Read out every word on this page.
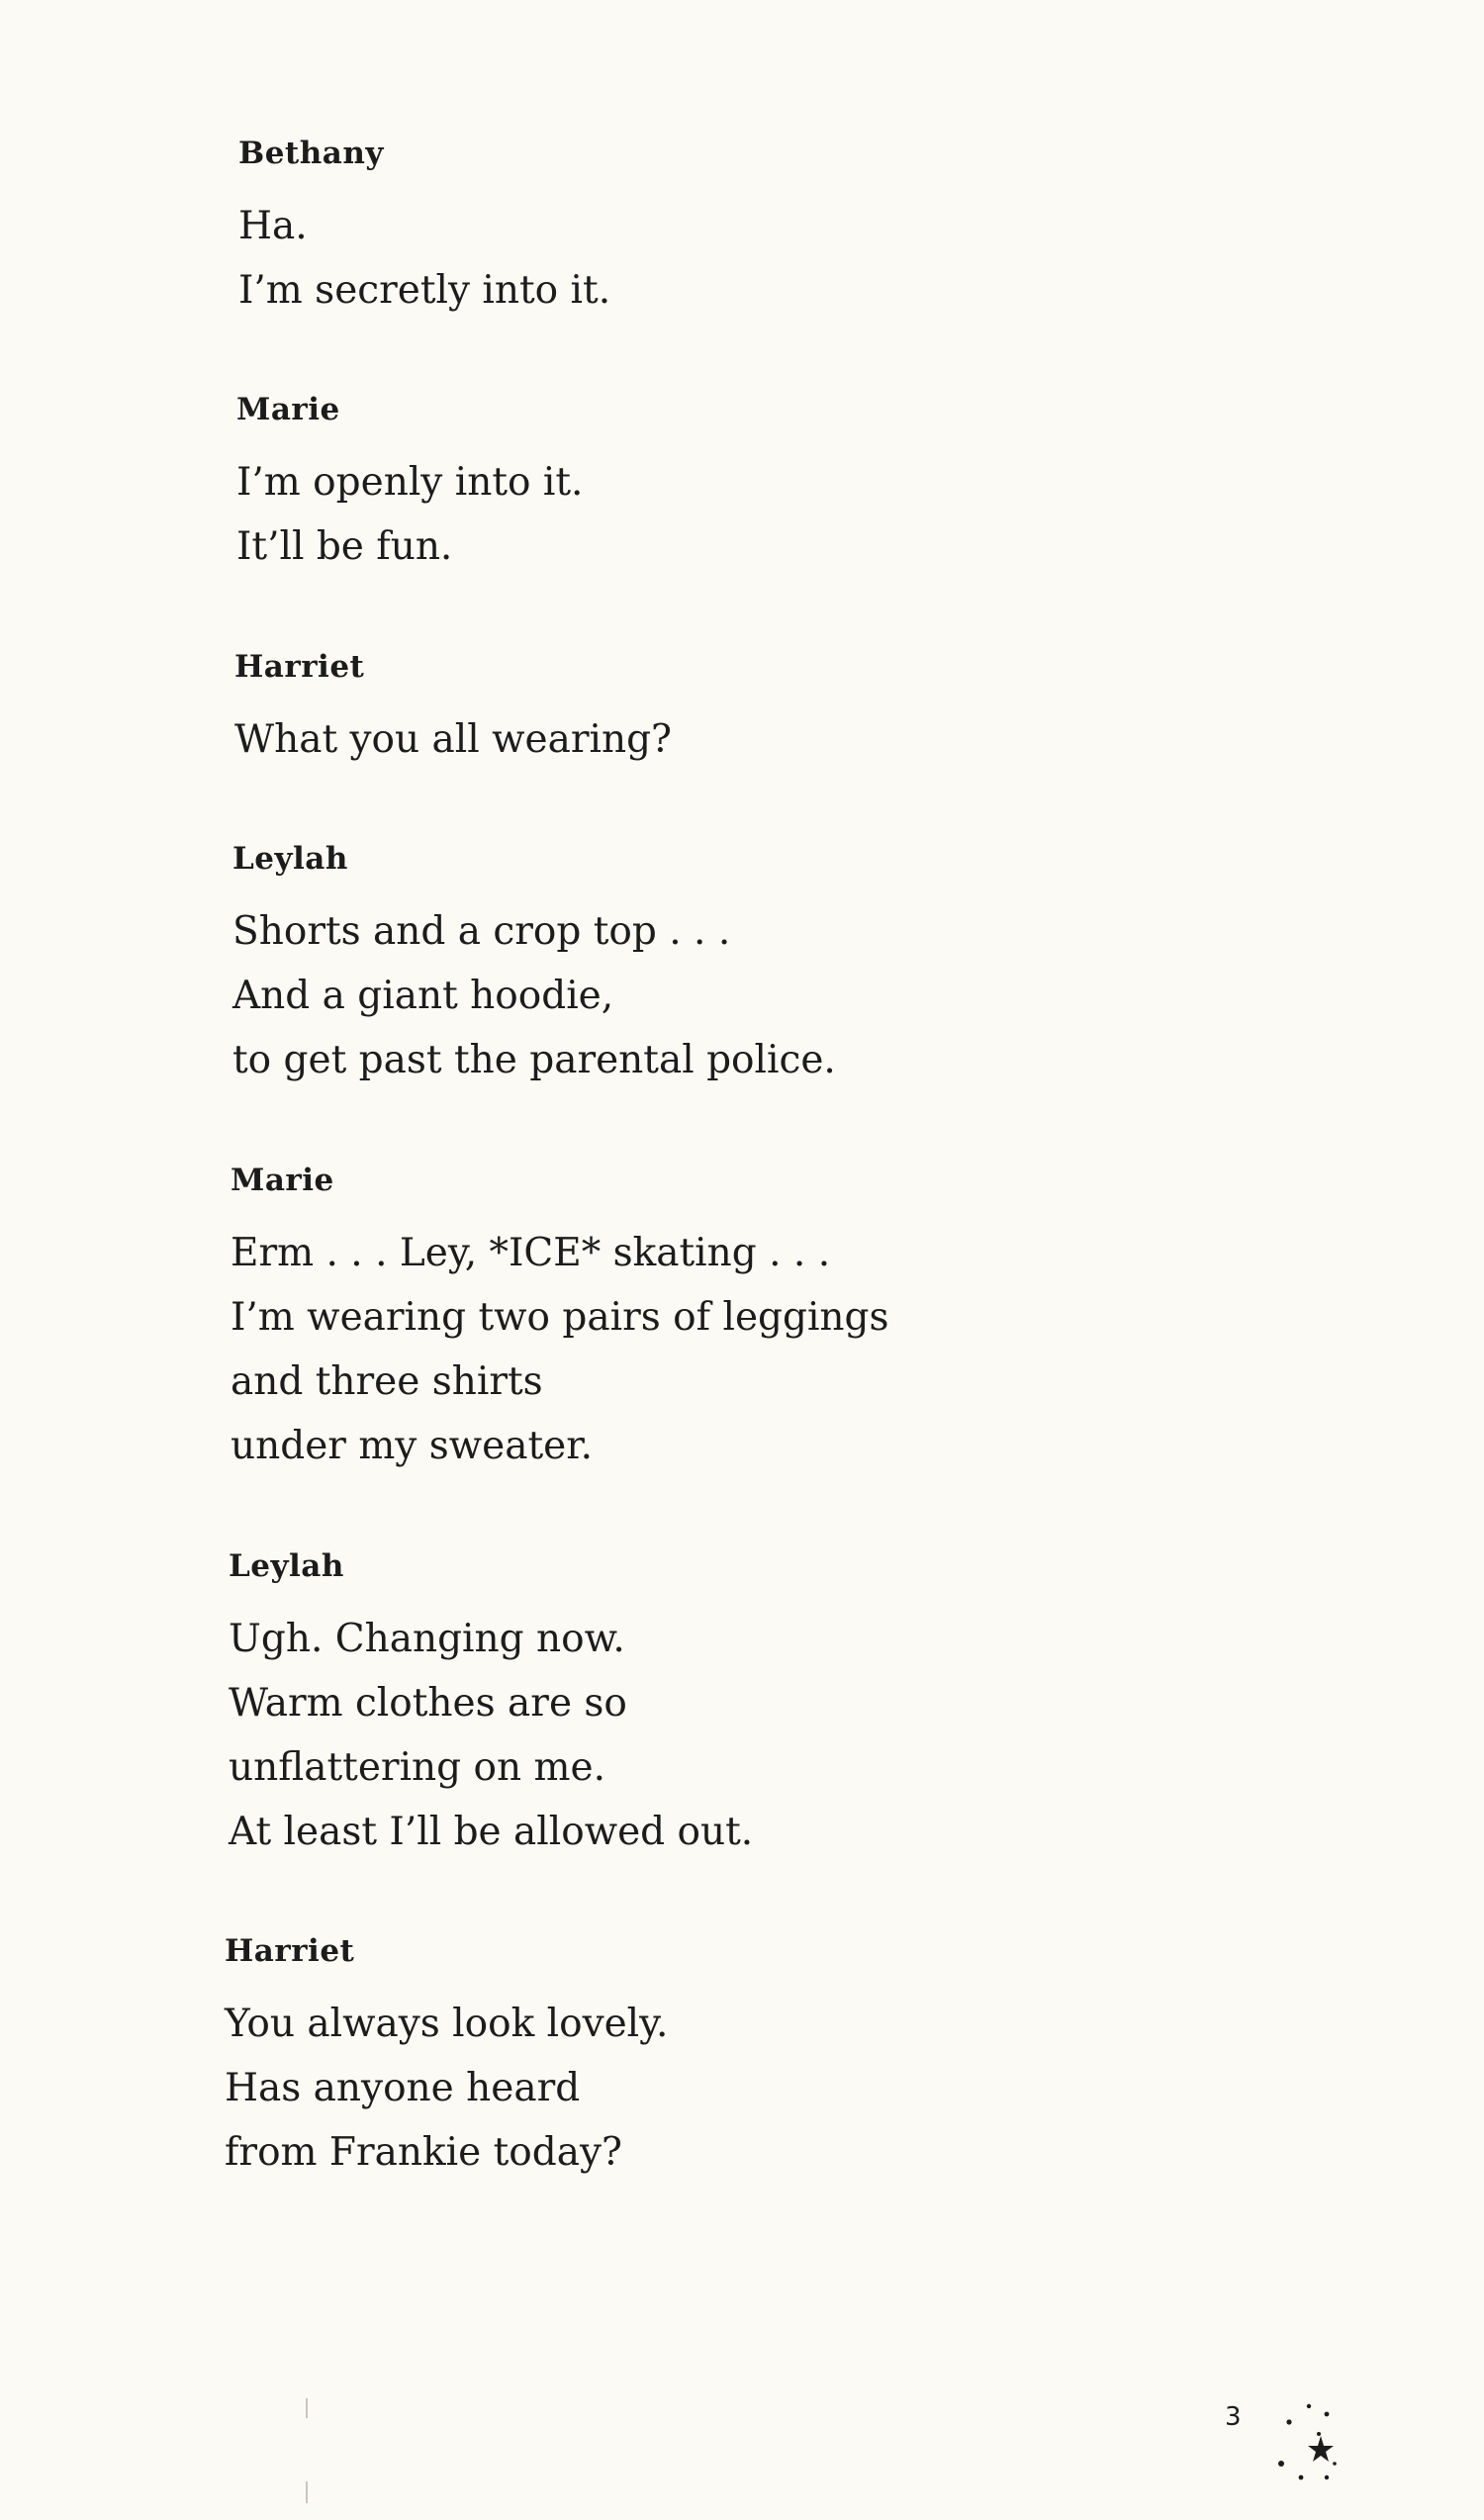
Bethany
Ha.
I’m secretly into it.
Marie
I’m openly into it.
It’ll be fun.
Harriet
What you all wearing?
Leylah
Shorts and a crop top . . .
And a giant hoodie,
to get past the parental police.
Marie
Erm . . . Ley, *ICE* skating . . .
I’m wearing two pairs of leggings
and three shirts
under my sweater.
Leylah
Ugh. Changing now.
Warm clothes are so
unflattering on me.
At least I’ll be allowed out.
Harriet
You always look lovely.
Has anyone heard
from Frankie today?
3
